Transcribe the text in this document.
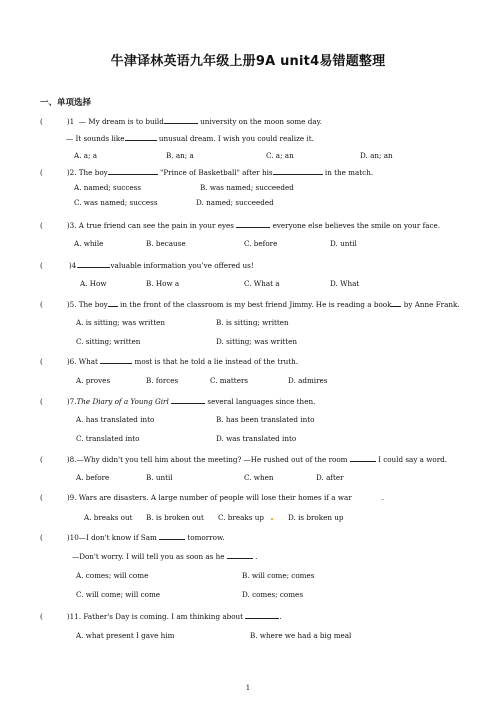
牛津译林英语九年级上册9A unit4易错题整理
一、单项选择
(	)1 — My dream is to build	university on the moon some day.
— It sounds like	unusual dream. I wish you could realize it.
A. a; a	B. an; a	C. a; an	D. an; an
(	)2. The boy	"Prince of Basketball" after his	in the match.
A. named; success	B. was named; succeeded
C. was named; success	D. named; succeeded
(	)3. A true friend can see the pain in your eyes	everyone else believes the smile on your face.
A. while	B. because	C. before	D. until
(	)4.	valuable information you’ve offered us!
A. How	B. How a	C. What a	D. What
(	)5. The boy in the front of the classroom is my best friend Jimmy. He is reading a book by Anne Frank.
A. is sitting; was written	B. is sitting; written
C. sitting; written	D. sitting; was written
(	)6. What	most is that he told a lie instead of the truth.
A. proves	B. forces	C. matters	D. admires
(	)7.The Diary of a Young Girl	several languages since then.
A. has translated into	B. has been translated into
C. translated into	D. was translated into
(	)8.—Why didn't you tell him about the meeting? —He rushed out of the room	I could say a word.
A. before	B. until	C. when	D. after
(	)9. Wars are disasters. A large number of people will lose their homes if a war	.
A. breaks out B. is broken out C. breaks up	D. is broken up
(	)10—I don't know if Sam	tomorrow.
—Don't worry. I will tell you as soon as he	.
A. comes; will come	B. will come; comes
C. will come; will come	D. comes; comes
(	)11. Father's Day is coming. I am thinking about	.
A. what present I gave him	B. where we had a big meal
1
